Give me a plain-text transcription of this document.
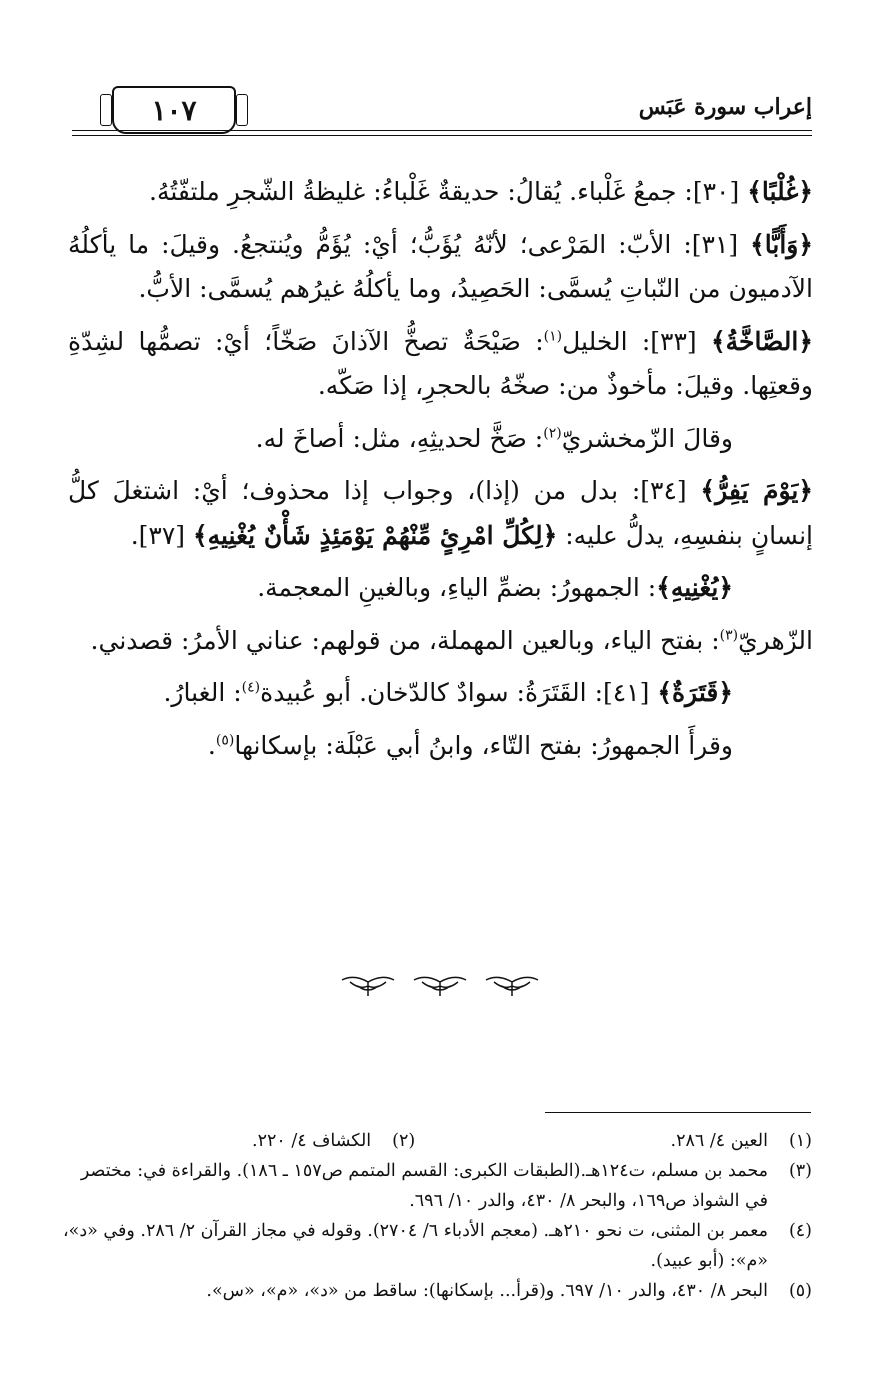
١٠٧	إعراب سورة عَبَس

﴿غُلْبًا﴾ [٣٠]: جمعُ غَلْباء. يُقالُ: حديقةٌ غَلْباءُ: غليظةُ الشّجرِ ملتفّتُهُ.

﴿وَأَبًّا﴾ [٣١]: الأبّ: المَرْعى؛ لأنّهُ يُؤَبُّ؛ أيْ: يُؤَمُّ ويُنتجعُ. وقيلَ: ما يأكلُهُ الآدميون من النّباتِ يُسمَّى: الحَصِيدُ، وما يأكلُهُ غيرُهم يُسمَّى: الأبُّ.

﴿الصَّاخَّةُ﴾ [٣٣]: الخليل$^{(١)}$: صَيْحَةٌ تصخُّ الآذانَ صَخّاً؛ أيْ: تصمُّها لشِدّةِ وقعتِها. وقيلَ: مأخوذٌ من: صخّهُ بالحجرِ، إذا صَكّه.

وقالَ الزّمخشريّ$^{(٢)}$: صَخَّ لحديثِهِ، مثل: أصاخَ له.

﴿يَوْمَ يَفِرُّ﴾ [٣٤]: بدل من (إذا)، وجواب إذا محذوف؛ أيْ: اشتغلَ كلُّ إنسانٍ بنفسِهِ، يدلُّ عليه: ﴿لِكُلِّ امْرِئٍ مِّنْهُمْ يَوْمَئِذٍ شَأْنٌ يُغْنِيهِ﴾ [٣٧].

﴿يُغْنِيهِ﴾: الجمهورُ: بضمِّ الياءِ، وبالغينِ المعجمة.

الزّهريّ$^{(٣)}$: بفتح الياء، وبالعين المهملة، من قولهم: عناني الأمرُ: قصدني.

﴿قَتَرَةٌ﴾ [٤١]: القَتَرَةُ: سوادٌ كالدّخان. أبو عُبيدة$^{(٤)}$: الغبارُ.

وقرأَ الجمهورُ: بفتح التّاء، وابنُ أبي عَبْلَة: بإسكانها$^{(٥)}$.

(١)
العين ٤/ ٢٨٦.

(٢)
الكشاف ٤/ ٢٢٠.

(٣)
محمد بن مسلم، ت١٢٤هـ.(الطبقات الكبرى: القسم المتمم ص١٥٧ ـ ١٨٦). والقراءة في: مختصر في الشواذ ص١٦٩، والبحر ٨/ ٤٣٠، والدر ١٠/ ٦٩٦.

(٤)
معمر بن المثنى، ت نحو ٢١٠هـ. (معجم الأدباء ٦/ ٢٧٠٤). وقوله في مجاز القرآن ٢/ ٢٨٦. وفي «د»، «م»: (أبو عبيد).

(٥)
البحر ٨/ ٤٣٠، والدر ١٠/ ٦٩٧. و(قرأ... بإسكانها): ساقط من «د»، «م»، «س».
